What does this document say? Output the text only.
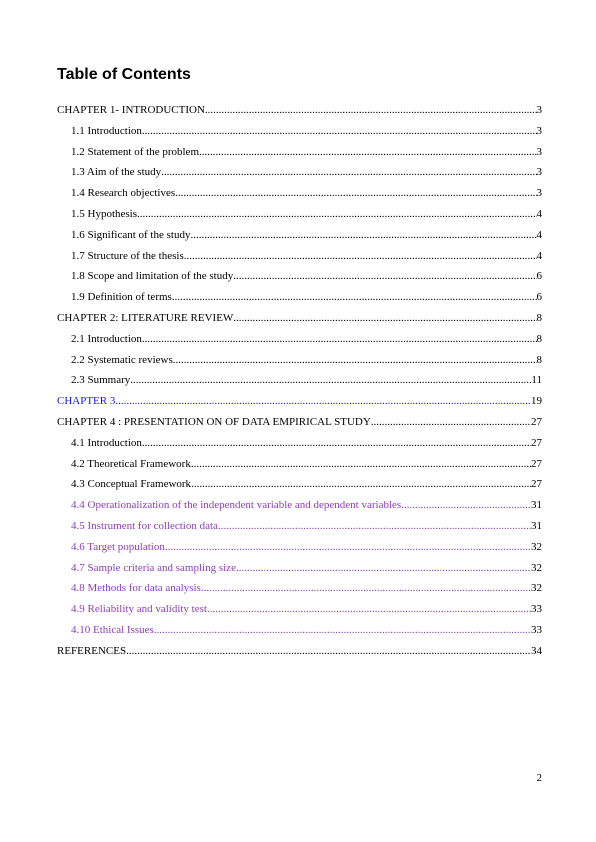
Table of Contents
CHAPTER 1- INTRODUCTION .....	3
1.1 Introduction .....	3
1.2 Statement of the problem .....	3
1.3 Aim of the study .....	3
1.4 Research objectives .....	3
1.5 Hypothesis .....	4
1.6 Significant of the study .....	4
1.7 Structure of the thesis .....	4
1.8 Scope and limitation of the study .....	6
1.9 Definition of terms .....	6
CHAPTER 2: LITERATURE REVIEW .....	8
2.1 Introduction .....	8
2.2 Systematic reviews .....	8
2.3 Summary .....	11
CHAPTER 3 .....	19
CHAPTER 4 : PRESENTATION ON OF DATA EMPIRICAL STUDY .....	27
4.1 Introduction .....	27
4.2 Theoretical Framework .....	27
4.3 Conceptual Framework .....	27
4.4 Operationalization of the independent variable and dependent variables .....	31
4.5 Instrument for collection data .....	31
4.6 Target population .....	32
4.7 Sample criteria and sampling size .....	32
4.8 Methods for data analysis .....	32
4.9 Reliability and validity test .....	33
4.10 Ethical Issues .....	33
REFERENCES .....	34
2
